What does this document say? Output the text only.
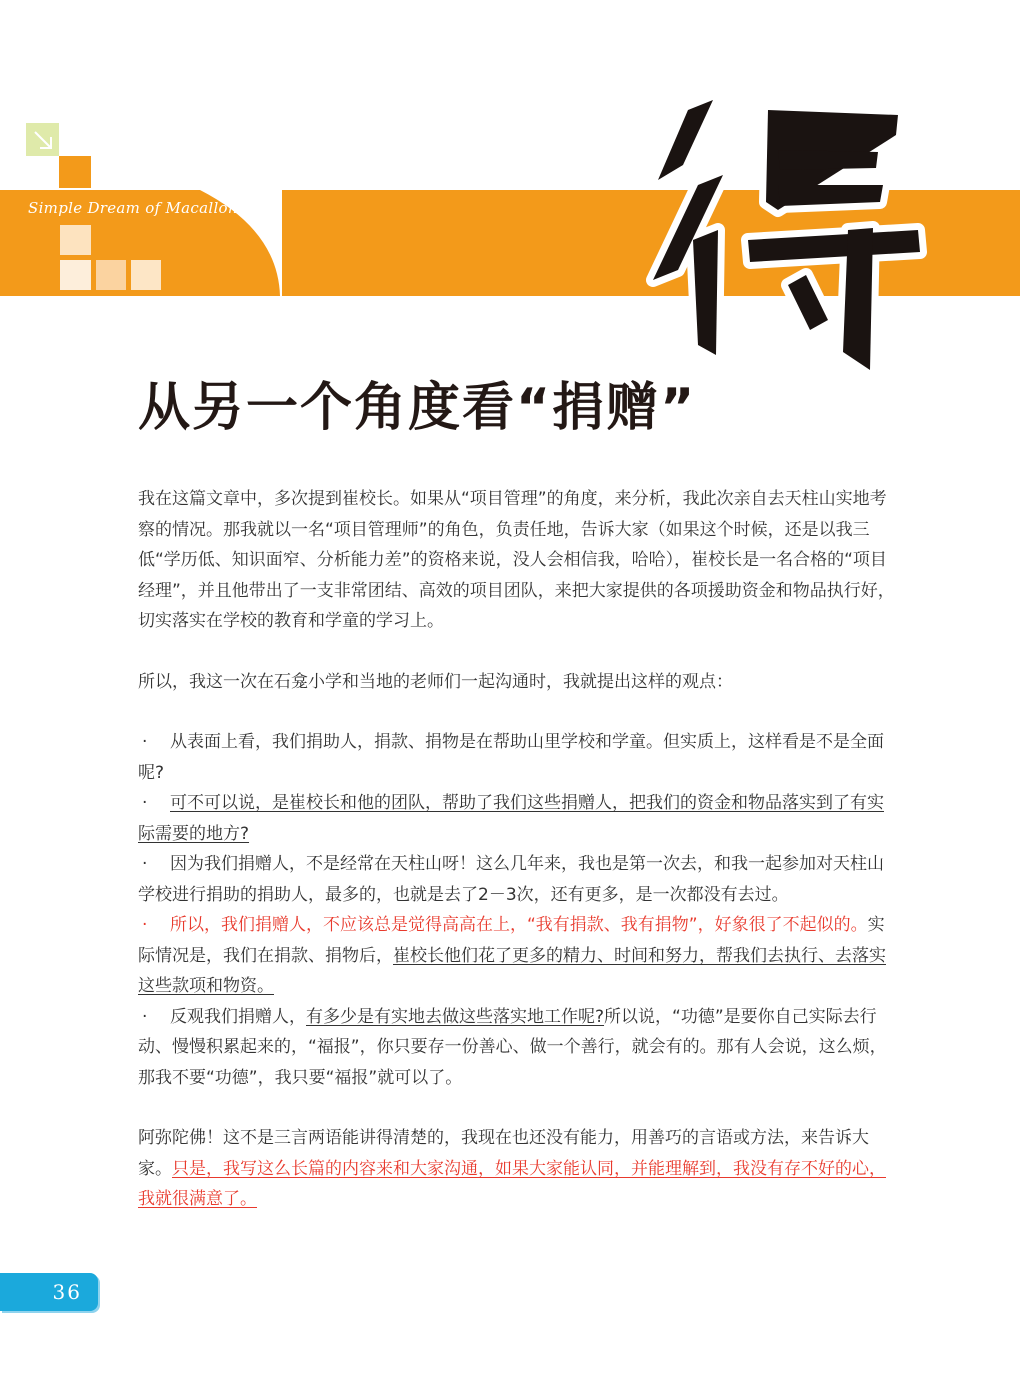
Simple Dream of Macallon
从另一个角度看“捐赠”

我在这篇文章中，多次提到崔校长。如果从“项目管理”的角度，来分析，我此次亲自去天柱山实地考察的情况。那我就以一名“项目管理师”的角色，负责任地，告诉大家（如果这个时候，还是以我三低“学历低、知识面窄、分析能力差”的资格来说，没人会相信我，哈哈），崔校长是一名合格的“项目经理”，并且他带出了一支非常团结、高效的项目团队，来把大家提供的各项援助资金和物品执行好，切实落实在学校的教育和学童的学习上。

所以，我这一次在石龛小学和当地的老师们一起沟通时，我就提出这样的观点：

· 从表面上看，我们捐助人，捐款、捐物是在帮助山里学校和学童。但实质上，这样看是不是全面呢?

· 可不可以说，是崔校长和他的团队，帮助了我们这些捐赠人，把我们的资金和物品落实到了有实际需要的地方?

· 因为我们捐赠人，不是经常在天柱山呀！这么几年来，我也是第一次去，和我一起参加对天柱山学校进行捐助的捐助人，最多的，也就是去了2－3次，还有更多，是一次都没有去过。

· 所以，我们捐赠人，不应该总是觉得高高在上，“我有捐款、我有捐物”，好象很了不起似的。实际情况是，我们在捐款、捐物后，崔校长他们花了更多的精力、时间和努力，帮我们去执行、去落实这些款项和物资。

· 反观我们捐赠人，有多少是有实地去做这些落实地工作呢?所以说，“功德”是要你自己实际去行动、慢慢积累起来的，“福报”，你只要存一份善心、做一个善行，就会有的。那有人会说，这么烦，那我不要“功德”，我只要“福报”就可以了。

阿弥陀佛！这不是三言两语能讲得清楚的，我现在也还没有能力，用善巧的言语或方法，来告诉大家。只是，我写这么长篇的内容来和大家沟通，如果大家能认同，并能理解到，我没有存不好的心，我就很满意了。

36
